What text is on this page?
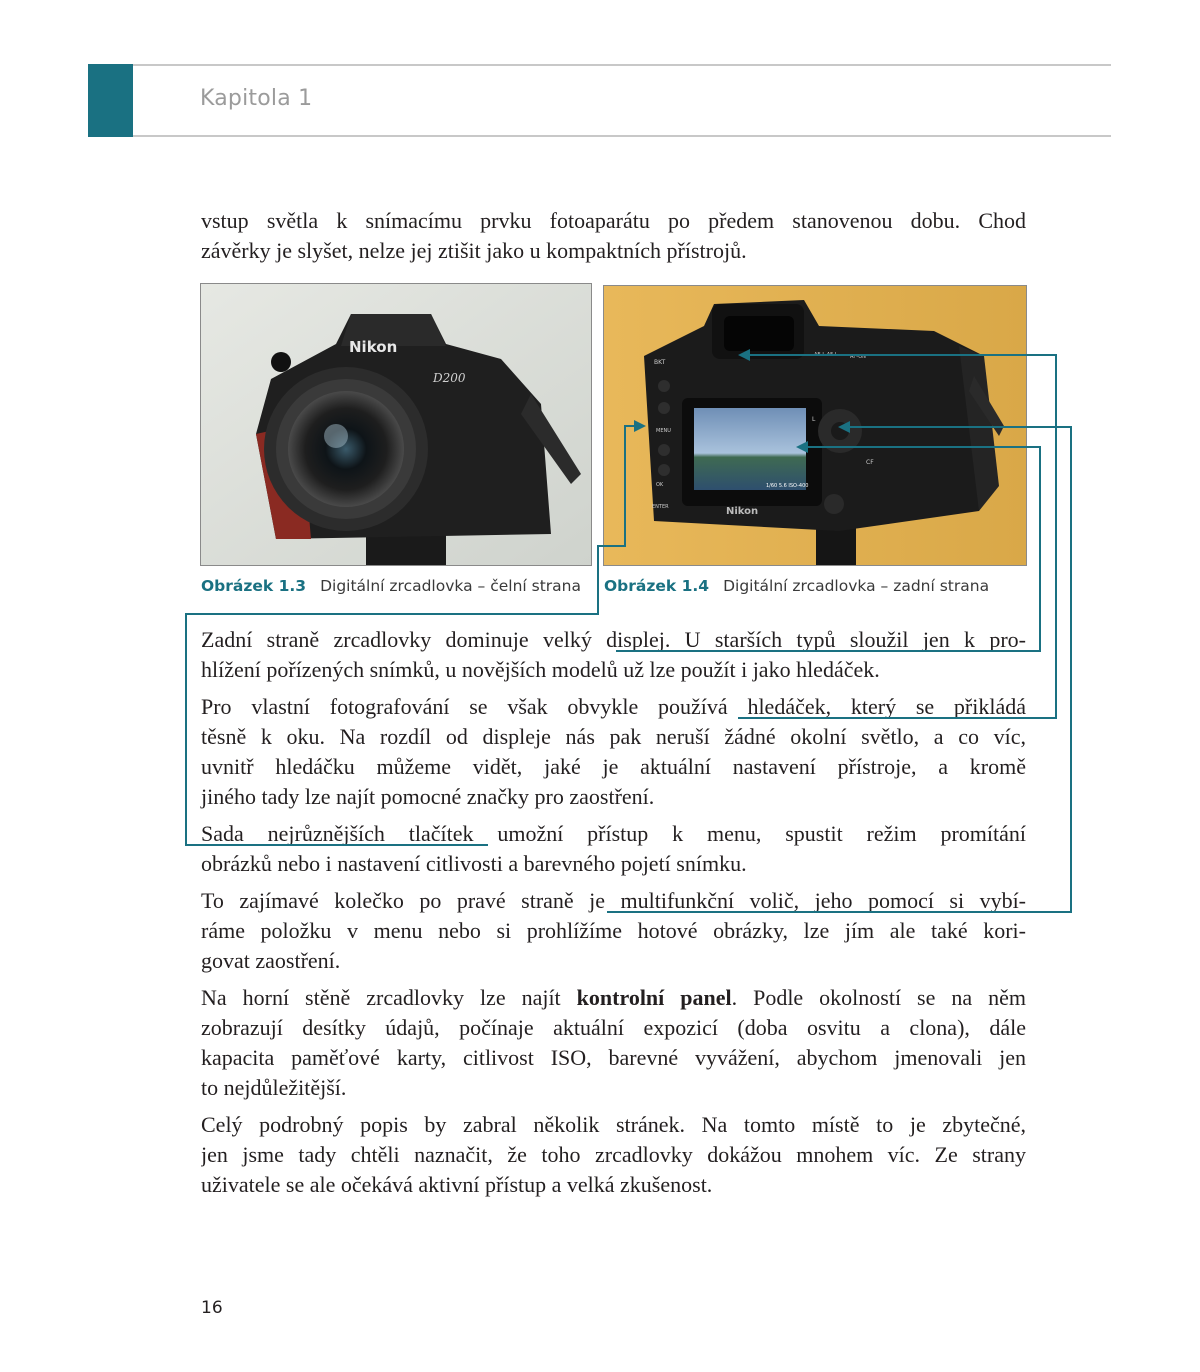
Kapitola 1
vstup světla k snímacímu prvku fotoaparátu po předem stanovenou dobu. Chod
závěrky je slyšet, nelze jej ztišit jako u kompaktních přístrojů.
Nikon
D200
Obrázek 1.3 Digitální zrcadlovka – čelní strana
1/60 5.6 ISO-400
Nikon
BKT
MENU
OK
ENTER
AE-L AF-L AF-ON
L
CF
Obrázek 1.4 Digitální zrcadlovka – zadní strana
Zadní straně zrcadlovky dominuje velký displej. U starších typů sloužil jen k pro-
hlížení pořízených snímků, u novějších modelů už lze použít i jako hledáček.
Pro vlastní fotografování se však obvykle používá hledáček, který se přikládá
těsně k oku. Na rozdíl od displeje nás pak neruší žádné okolní světlo, a co víc,
uvnitř hledáčku můžeme vidět, jaké je aktuální nastavení přístroje, a kromě
jiného tady lze najít pomocné značky pro zaostření.
Sada nejrůznějších tlačítek umožní přístup k menu, spustit režim promítání
obrázků nebo i nastavení citlivosti a barevného pojetí snímku.
To zajímavé kolečko po pravé straně je multifunkční volič, jeho pomocí si vybí-
ráme položku v menu nebo si prohlížíme hotové obrázky, lze jím ale také kori-
govat zaostření.
Na horní stěně zrcadlovky lze najít kontrolní panel. Podle okolností se na něm
zobrazují desítky údajů, počínaje aktuální expozicí (doba osvitu a clona), dále
kapacita paměťové karty, citlivost ISO, barevné vyvážení, abychom jmenovali jen
to nejdůležitější.
Celý podrobný popis by zabral několik stránek. Na tomto místě to je zbytečné,
jen jsme tady chtěli naznačit, že toho zrcadlovky dokážou mnohem víc. Ze strany
uživatele se ale očekává aktivní přístup a velká zkušenost.
16
